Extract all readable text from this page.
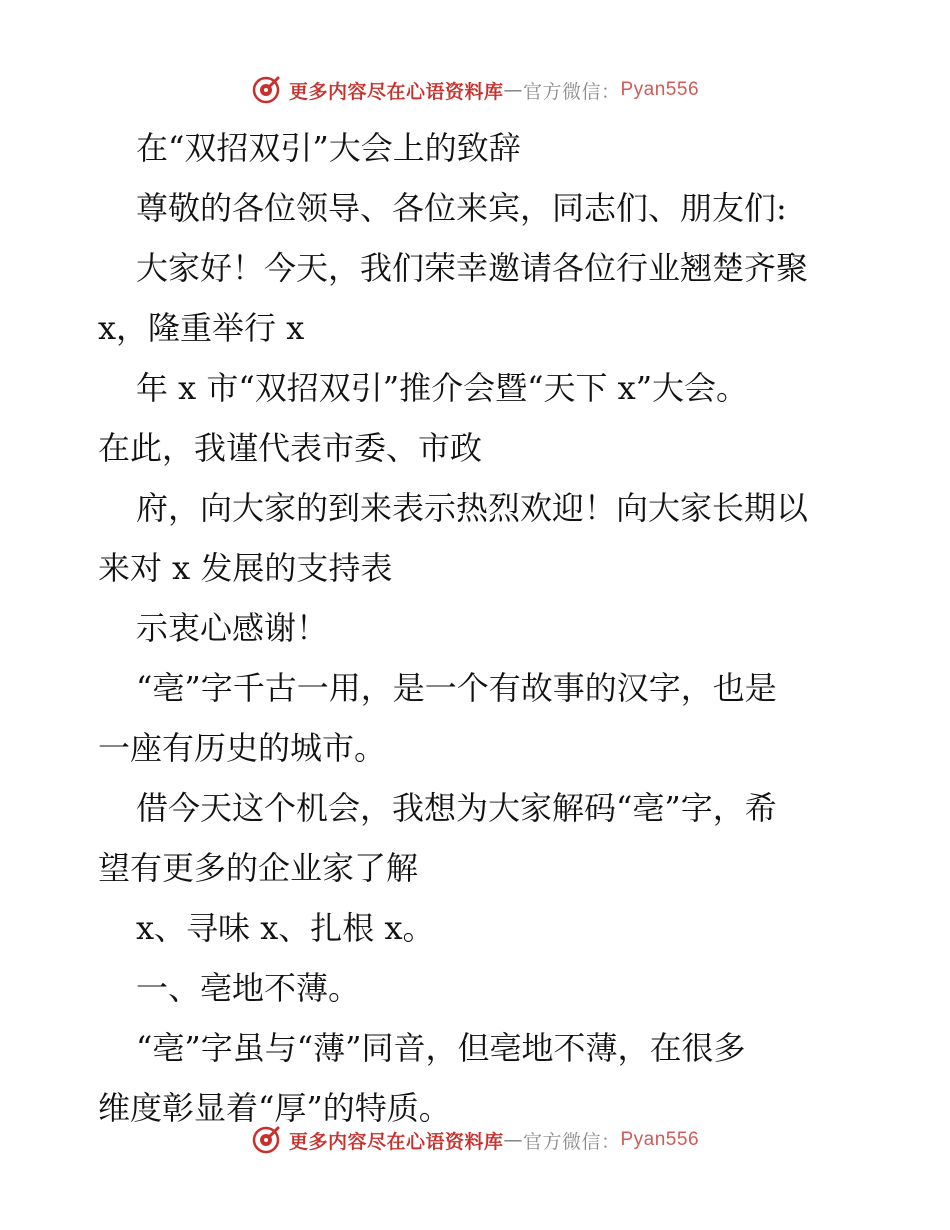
更多内容尽在心语资料库 — 官方微信： Pyan556
在“双招双引”大会上的致辞
尊敬的各位领导、各位来宾，同志们、朋友们:
大家好！今天，我们荣幸邀请各位行业翘楚齐聚
x，隆重举行 x
年 x 市“双招双引”推介会暨“天下 x”大会。
在此，我谨代表市委、市政
府，向大家的到来表示热烈欢迎！向大家长期以
来对 x 发展的支持表
示衷心感谢！
“亳”字千古一用，是一个有故事的汉字，也是
一座有历史的城市。
借今天这个机会，我想为大家解码“亳”字，希
望有更多的企业家了解
x、寻味 x、扎根 x。
一、亳地不薄。
“亳”字虽与“薄”同音，但亳地不薄，在很多
维度彰显着“厚”的特质。
更多内容尽在心语资料库 — 官方微信： Pyan556
